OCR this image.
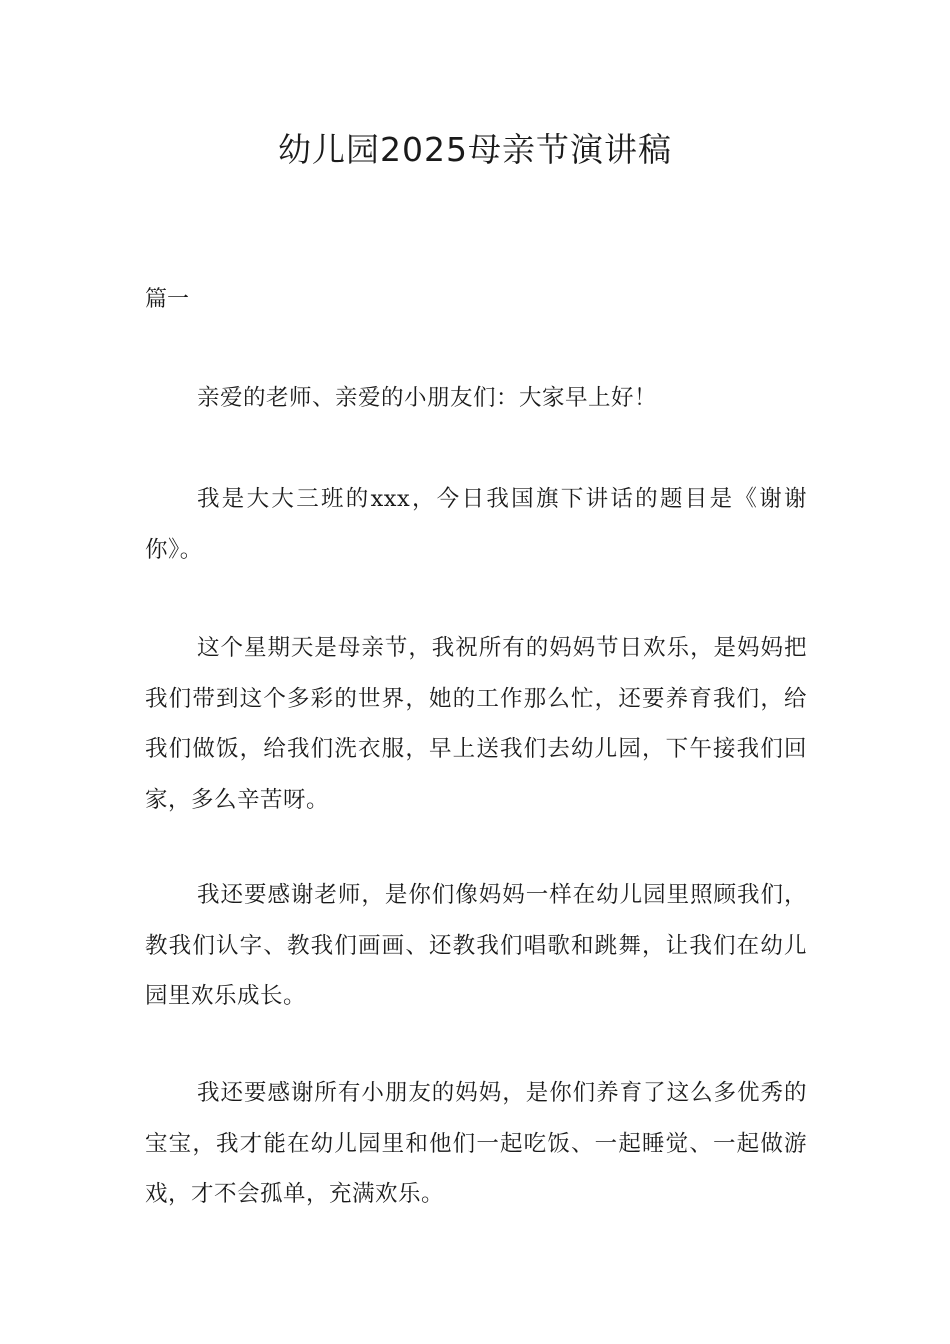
幼儿园2025母亲节演讲稿

篇一

亲爱的老师、亲爱的小朋友们：大家早上好！

我是大大三班的xxx，今日我国旗下讲话的题目是《谢谢你》。

这个星期天是母亲节，我祝所有的妈妈节日欢乐，是妈妈把我们带到这个多彩的世界，她的工作那么忙，还要养育我们，给我们做饭，给我们洗衣服，早上送我们去幼儿园，下午接我们回家，多么辛苦呀。

我还要感谢老师，是你们像妈妈一样在幼儿园里照顾我们，教我们认字、教我们画画、还教我们唱歌和跳舞，让我们在幼儿园里欢乐成长。

我还要感谢所有小朋友的妈妈，是你们养育了这么多优秀的宝宝，我才能在幼儿园里和他们一起吃饭、一起睡觉、一起做游戏，才不会孤单，充满欢乐。
